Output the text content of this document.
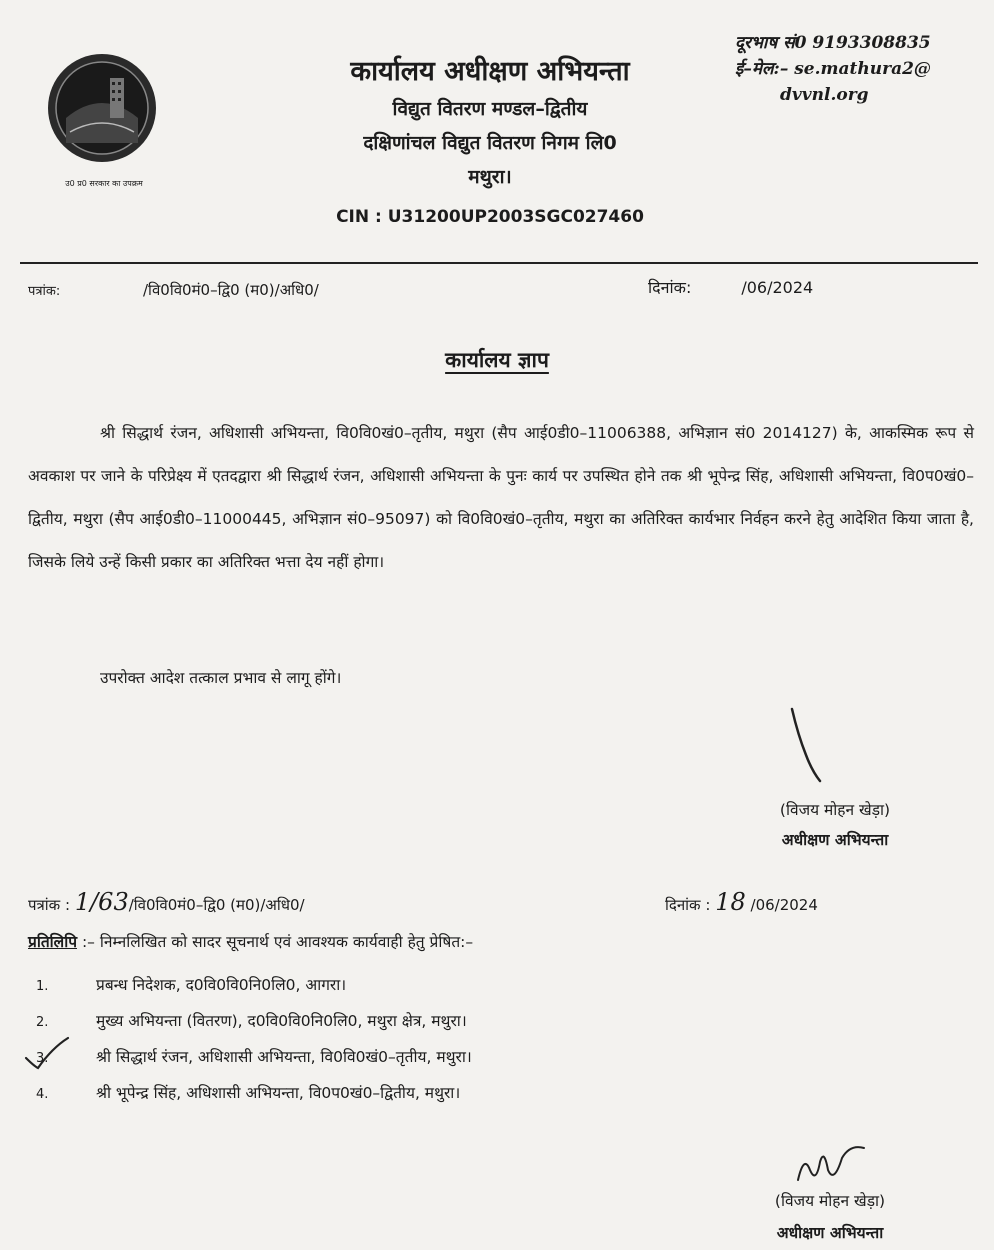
उ0 प्र0 सरकार का उपक्रम
कार्यालय अधीक्षण अभियन्ता
विद्युत वितरण मण्डल–द्वितीय
दक्षिणांचल विद्युत वितरण निगम लि0
मथुरा।
CIN : U31200UP2003SGC027460
दूरभाष सं0 9193308835
ई–मेल:– se.mathura2@
dvvnl.org
पत्रांक:	/वि0वि0मं0–द्वि0 (म0)/अधि0/	दिनांक:	/06/2024
कार्यालय ज्ञाप
श्री सिद्धार्थ रंजन, अधिशासी अभियन्ता, वि0वि0खं0–तृतीय, मथुरा (सैप आई0डी0–11006388, अभिज्ञान सं0 2014127) के, आकस्मिक रूप से अवकाश पर जाने के परिप्रेक्ष्य में एतदद्वारा श्री सिद्धार्थ रंजन, अधिशासी अभियन्ता के पुनः कार्य पर उपस्थित होने तक श्री भूपेन्द्र सिंह, अधिशासी अभियन्ता, वि0प0खं0–द्वितीय, मथुरा (सैप आई0डी0–11000445, अभिज्ञान सं0–95097) को वि0वि0खं0–तृतीय, मथुरा का अतिरिक्त कार्यभार निर्वहन करने हेतु आदेशित किया जाता है, जिसके लिये उन्हें किसी प्रकार का अतिरिक्त भत्ता देय नहीं होगा।
उपरोक्त आदेश तत्काल प्रभाव से लागू होंगे।
(विजय मोहन खेड़ा)
अधीक्षण अभियन्ता
पत्रांक : 1/63/वि0वि0मं0–द्वि0 (म0)/अधि0/	दिनांक : 18 /06/2024
प्रतिलिपि :– निम्नलिखित को सादर सूचनार्थ एवं आवश्यक कार्यवाही हेतु प्रेषित:–
1.	प्रबन्ध निदेशक, द0वि0वि0नि0लि0, आगरा।
2.	मुख्य अभियन्ता (वितरण), द0वि0वि0नि0लि0, मथुरा क्षेत्र, मथुरा।
3.	श्री सिद्धार्थ रंजन, अधिशासी अभियन्ता, वि0वि0खं0–तृतीय, मथुरा।
4.	श्री भूपेन्द्र सिंह, अधिशासी अभियन्ता, वि0प0खं0–द्वितीय, मथुरा।
(विजय मोहन खेड़ा)
अधीक्षण अभियन्ता
